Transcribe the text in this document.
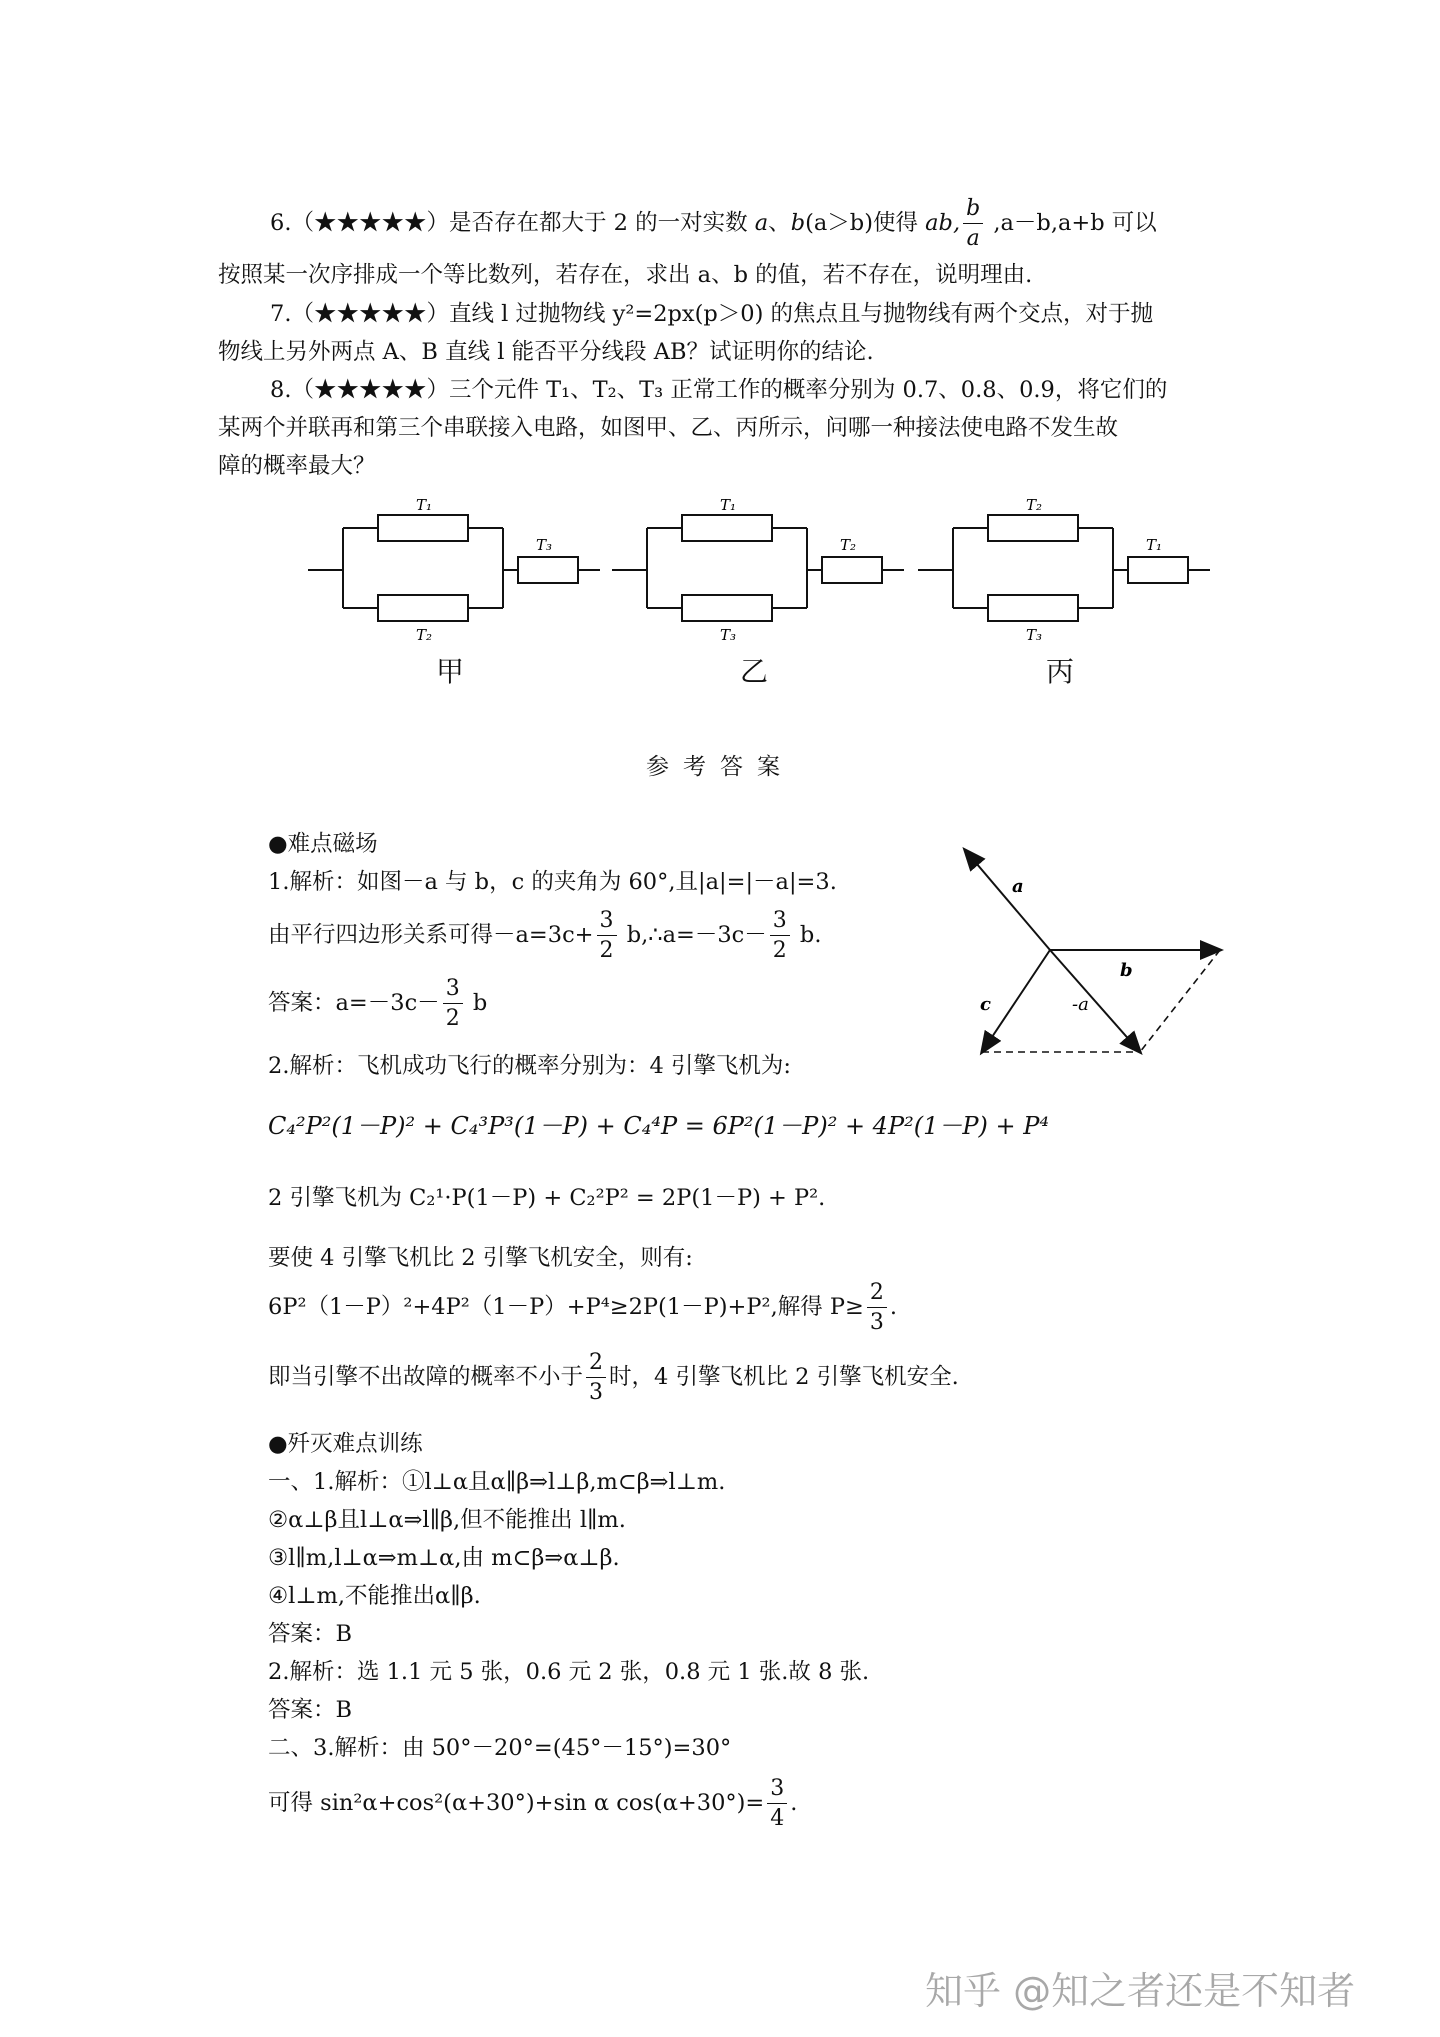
6.（★★★★★）是否存在都大于 2 的一对实数 a、b(a＞b)使得 ab, $\frac{b}{a} ,a-b,a+b$ 可以
按照某一次序排成一个等比数列，若存在，求出 a、b 的值，若不存在，说明理由.
7.（★★★★★）直线 l 过抛物线 y²=2px(p＞0) 的焦点且与抛物线有两个交点，对于抛
物线上另外两点 A、B 直线 l 能否平分线段 AB？试证明你的结论.
8.（★★★★★）三个元件 T₁、T₂、T₃ 正常工作的概率分别为 0.7、0.8、0.9，将它们的
某两个并联再和第三个串联接入电路，如图甲、乙、丙所示，问哪一种接法使电路不发生故
障的概率最大？
T₁
T₂
T₃
T₁
T₃
T₂
T₂
T₃
T₁
甲	乙	丙
参考答案
●难点磁场
1.解析：如图－a 与 b，c 的夹角为 60°,且|a|=|－a|=3.
由平行四边形关系可得$-a=3c+ \frac{3}{2}$ b,∴a=－3c－ $\frac{3}{2} b$.
答案：$a=-3c- \frac{3}{2}$ b
2.解析：飞机成功飞行的概率分别为：4 引擎飞机为:
C₄²P²(1－P)² + C₄³P³(1－P) + C₄⁴P = 6P²(1－P)² + 4P²(1－P) + P⁴
2 引擎飞机为 C₂¹·P(1－P) + C₂²P² = 2P(1－P) + P².
要使 4 引擎飞机比 2 引擎飞机安全，则有:
6P²（1－P）²+4P²（1－P）+P⁴≥2P(1－P)+P²,解得 $P\ge \frac{2}{3}$ .
即当引擎不出故障的概率不小于 $\frac{2}{3}$ 时，4 引擎飞机比 2 引擎飞机安全.
a
b
c	-a
●歼灭难点训练
一、1.解析：①l⊥α且α∥β⇒l⊥β,m⊂β⇒l⊥m.
②α⊥β且l⊥α⇒l∥β,但不能推出 l∥m.
③l∥m,l⊥α⇒m⊥α,由 m⊂β⇒α⊥β.
④l⊥m,不能推出α∥β.
答案：B
2.解析：选 1.1 元 5 张，0.6 元 2 张，0.8 元 1 张.故 8 张.
答案：B
二、3.解析：由 50°－20°=(45°－15°)=30°
可得 sin²α+cos²(α+30°)+sin α $\cos(\alpha+30^\circ)= \frac{3}{4}$ .
知乎 @知之者还是不知者
